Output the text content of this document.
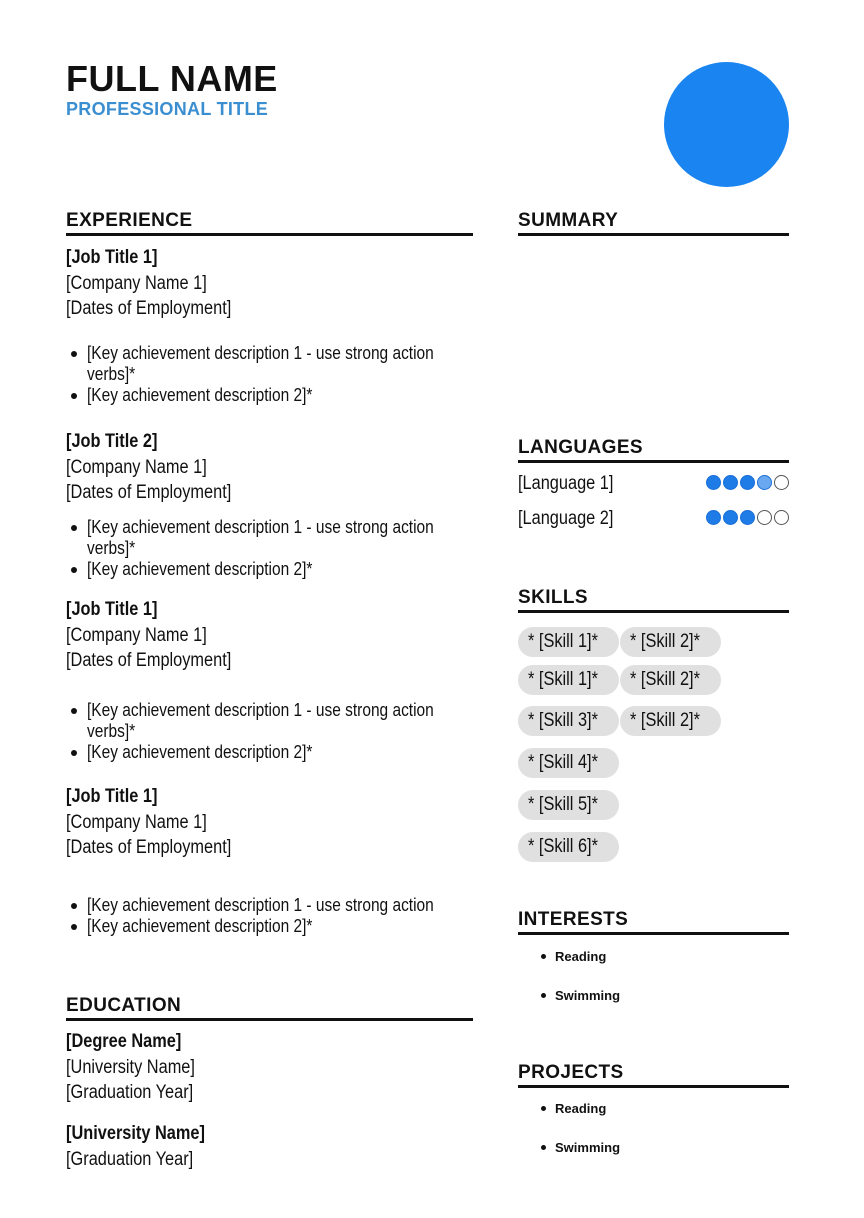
FULL NAME
PROFESSIONAL TITLE
EXPERIENCE
[Job Title 1]
[Company Name 1]
[Dates of Employment]
[Key achievement description 1 - use strong action
verbs]*
[Key achievement description 2]*
[Job Title 2]
[Company Name 1]
[Dates of Employment]
[Key achievement description 1 - use strong action
verbs]*
[Key achievement description 2]*
[Job Title 1]
[Company Name 1]
[Dates of Employment]
[Key achievement description 1 - use strong action
verbs]*
[Key achievement description 2]*
[Job Title 1]
[Company Name 1]
[Dates of Employment]
[Key achievement description 1 - use strong action
[Key achievement description 2]*
EDUCATION
[Degree Name]
[University Name]
[Graduation Year]
[University Name]
[Graduation Year]
SUMMARY
LANGUAGES
[Language 1]
[Language 2]
SKILLS
* [Skill 1]* * [Skill 2]*
* [Skill 1]* * [Skill 2]*
* [Skill 3]* * [Skill 2]*
* [Skill 4]*
* [Skill 5]*
* [Skill 6]*
INTERESTS
Reading
Swimming
PROJECTS
Reading
Swimming
